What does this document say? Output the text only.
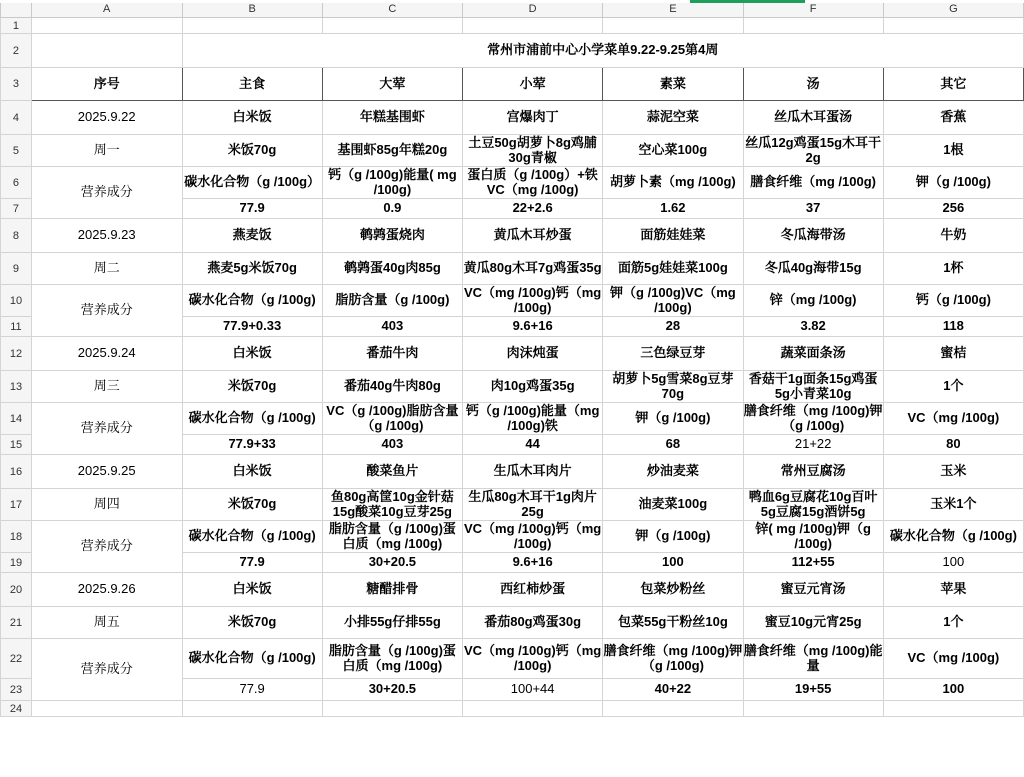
	A	B	C	D	E	F	G
1							
2		常州市浦前中心小学菜单9.22-9.25第4周					
3	序号	主食	大荤	小荤	素菜	汤	其它
4	2025.9.22	白米饭	年糕基围虾	宫爆肉丁	蒜泥空菜	丝瓜木耳蛋汤	香蕉
5	周一	米饭70g	基围虾85g年糕20g	土豆50g胡萝卜8g鸡脯30g青椒	空心菜100g	丝瓜12g鸡蛋15g木耳干2g	1根
6	营养成分	碳水化合物（g /100g）	钙（g /100g)能量( mg /100g)	蛋白质（g /100g）+铁VC（mg /100g)	胡萝卜素（mg /100g)	膳食纤维（mg /100g)	钾（g /100g)
7		77.9	0.9	22+2.6	1.62	37	256
8	2025.9.23	燕麦饭	鹌鹑蛋烧肉	黄瓜木耳炒蛋	面筋娃娃菜	冬瓜海带汤	牛奶
9	周二	燕麦5g米饭70g	鹌鹑蛋40g肉85g	黄瓜80g木耳7g鸡蛋35g	面筋5g娃娃菜100g	冬瓜40g海带15g	1杯
10	营养成分	碳水化合物（g /100g)	脂肪含量（g /100g)	VC（mg /100g)钙（mg /100g)	钾（g /100g)VC（mg /100g)	锌（mg /100g)	钙（g /100g)
11		77.9+0.33	403	9.6+16	28	3.82	118
12	2025.9.24	白米饭	番茄牛肉	肉沫炖蛋	三色绿豆芽	蔬菜面条汤	蜜桔
13	周三	米饭70g	番茄40g牛肉80g	肉10g鸡蛋35g	胡萝卜5g雪菜8g豆芽70g	香菇干1g面条15g鸡蛋5g小青菜10g	1个
14	营养成分	碳水化合物（g /100g)	VC（g /100g)脂肪含量（g /100g)	钙（g /100g)能量（mg /100g)铁	钾（g /100g)	膳食纤维（mg /100g)钾（g /100g)	VC（mg /100g)
15		77.9+33	403	44	68	21+22	80
16	2025.9.25	白米饭	酸菜鱼片	生瓜木耳肉片	炒油麦菜	常州豆腐汤	玉米
17	周四	米饭70g	鱼80g高筐10g金针菇15g酸菜10g豆芽25g	生瓜80g木耳干1g肉片25g	油麦菜100g	鸭血6g豆腐花10g百叶5g豆腐15g酒饼5g	玉米1个
18	营养成分	碳水化合物（g /100g)	脂肪含量（g /100g)蛋白质（mg /100g)	VC（mg /100g)钙（mg /100g)	钾（g /100g)	锌( mg /100g)钾（g /100g)	碳水化合物（g /100g)
19		77.9	30+20.5	9.6+16	100	112+55	100
20	2025.9.26	白米饭	糖醋排骨	西红柿炒蛋	包菜炒粉丝	蜜豆元宵汤	苹果
21	周五	米饭70g	小排55g仔排55g	番茄80g鸡蛋30g	包菜55g干粉丝10g	蜜豆10g元宵25g	1个
22	营养成分	碳水化合物（g /100g)	脂肪含量（g /100g)蛋白质（mg /100g)	VC（mg /100g)钙（mg /100g)	膳食纤维（mg /100g)钾（g /100g)	膳食纤维（mg /100g)能量	VC（mg /100g)
23		77.9	30+20.5	100+44	40+22	19+55	100
24							
